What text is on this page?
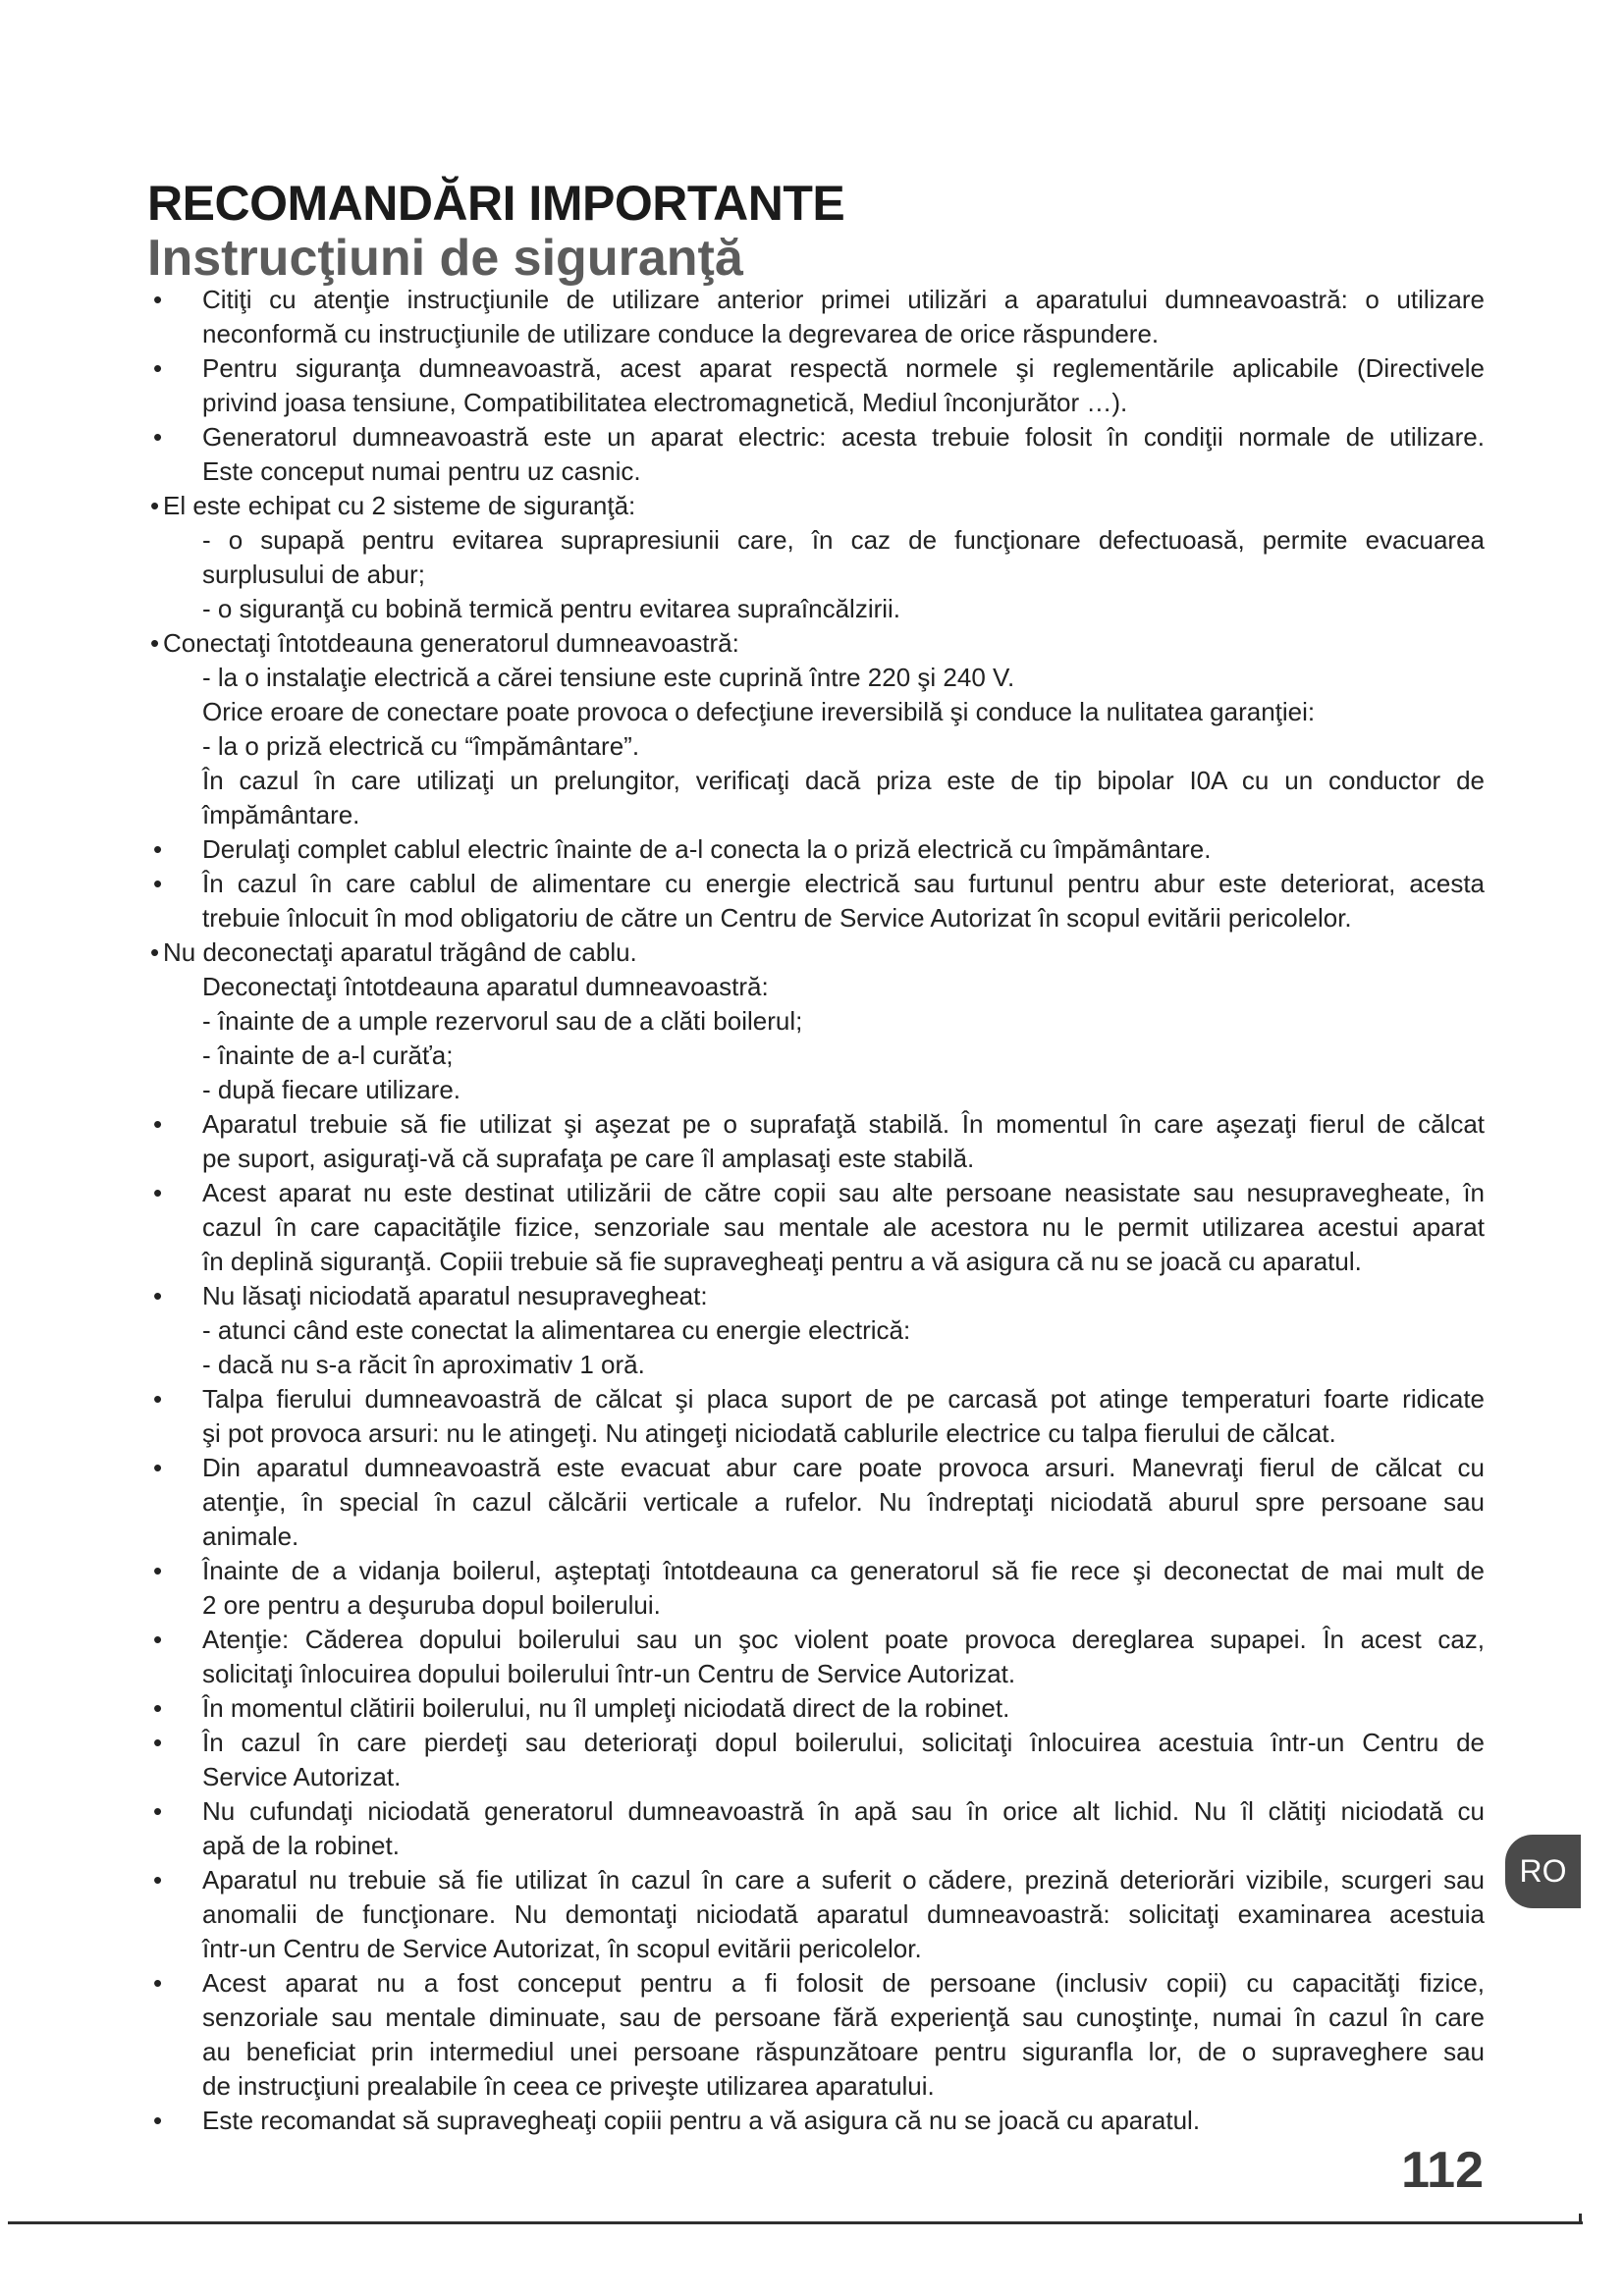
RECOMANDĂRI IMPORTANTE
Instrucţiuni de siguranţă
• Citiţi cu atenţie instrucţiunile de utilizare anterior primei utilizări a aparatului dumneavoastră: o utilizare
neconformă cu instrucţiunile de utilizare conduce la degrevarea de orice răspundere.
• Pentru siguranţa dumneavoastră, acest aparat respectă normele şi reglementările aplicabile (Directivele
privind joasa tensiune, Compatibilitatea electromagnetică, Mediul înconjurător …).
• Generatorul dumneavoastră este un aparat electric: acesta trebuie folosit în condiţii normale de utilizare.
Este conceput numai pentru uz casnic.
• El este echipat cu 2 sisteme de siguranţă:
- o supapă pentru evitarea suprapresiunii care, în caz de funcţionare defectuoasă, permite evacuarea
surplusului de abur;
- o siguranţă cu bobină termică pentru evitarea supraîncălzirii.
• Conectaţi întotdeauna generatorul dumneavoastră:
- la o instalaţie electrică a cărei tensiune este cuprină între 220 şi 240 V.
Orice eroare de conectare poate provoca o defecţiune ireversibilă şi conduce la nulitatea garanţiei:
- la o priză electrică cu “împământare”.
În cazul în care utilizaţi un prelungitor, verificaţi dacă priza este de tip bipolar I0A cu un conductor de
împământare.
• Derulaţi complet cablul electric înainte de a-l conecta la o priză electrică cu împământare.
• În cazul în care cablul de alimentare cu energie electrică sau furtunul pentru abur este deteriorat, acesta
trebuie înlocuit în mod obligatoriu de către un Centru de Service Autorizat în scopul evitării pericolelor.
• Nu deconectaţi aparatul trăgând de cablu.
Deconectaţi întotdeauna aparatul dumneavoastră:
- înainte de a umple rezervorul sau de a clăti boilerul;
- înainte de a-l curăťa;
- după fiecare utilizare.
• Aparatul trebuie să fie utilizat şi aşezat pe o suprafaţă stabilă. În momentul în care aşezaţi fierul de călcat
pe suport, asiguraţi-vă că suprafaţa pe care îl amplasaţi este stabilă.
• Acest aparat nu este destinat utilizării de către copii sau alte persoane neasistate sau nesupravegheate, în
cazul în care capacităţile fizice, senzoriale sau mentale ale acestora nu le permit utilizarea acestui aparat
în deplină siguranţă. Copiii trebuie să fie supravegheaţi pentru a vă asigura că nu se joacă cu aparatul.
• Nu lăsaţi niciodată aparatul nesupravegheat:
- atunci când este conectat la alimentarea cu energie electrică:
- dacă nu s-a răcit în aproximativ 1 oră.
• Talpa fierului dumneavoastră de călcat şi placa suport de pe carcasă pot atinge temperaturi foarte ridicate
şi pot provoca arsuri: nu le atingeţi. Nu atingeţi niciodată cablurile electrice cu talpa fierului de călcat.
• Din aparatul dumneavoastră este evacuat abur care poate provoca arsuri. Manevraţi fierul de călcat cu
atenţie, în special în cazul călcării verticale a rufelor. Nu îndreptaţi niciodată aburul spre persoane sau
animale.
• Înainte de a vidanja boilerul, aşteptaţi întotdeauna ca generatorul să fie rece şi deconectat de mai mult de
2 ore pentru a deşuruba dopul boilerului.
• Atenţie: Căderea dopului boilerului sau un şoc violent poate provoca dereglarea supapei. În acest caz,
solicitaţi înlocuirea dopului boilerului într-un Centru de Service Autorizat.
• În momentul clătirii boilerului, nu îl umpleţi niciodată direct de la robinet.
• În cazul în care pierdeţi sau deterioraţi dopul boilerului, solicitaţi înlocuirea acestuia într-un Centru de
Service Autorizat.
• Nu cufundaţi niciodată generatorul dumneavoastră în apă sau în orice alt lichid. Nu îl clătiţi niciodată cu
apă de la robinet.
• Aparatul nu trebuie să fie utilizat în cazul în care a suferit o cădere, prezină deteriorări vizibile, scurgeri sau
anomalii de funcţionare. Nu demontaţi niciodată aparatul dumneavoastră: solicitaţi examinarea acestuia
într-un Centru de Service Autorizat, în scopul evitării pericolelor.
• Acest aparat nu a fost conceput pentru a fi folosit de persoane (inclusiv copii) cu capacităţi fizice,
senzoriale sau mentale diminuate, sau de persoane fără experienţă sau cunoştinţe, numai în cazul în care
au beneficiat prin intermediul unei persoane răspunzătoare pentru siguranfla lor, de o supraveghere sau
de instrucţiuni prealabile în ceea ce priveşte utilizarea aparatului.
• Este recomandat să supravegheaţi copiii pentru a vă asigura că nu se joacă cu aparatul.
RO
112
